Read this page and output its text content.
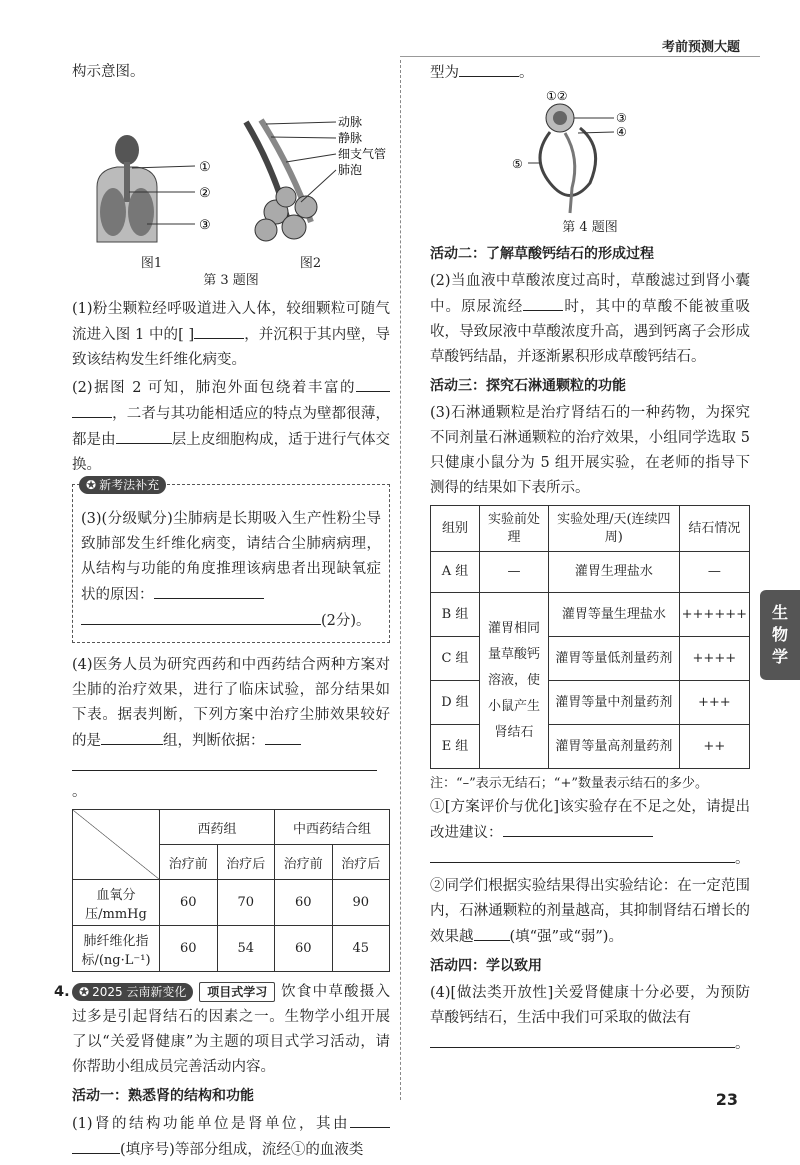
考前预测大题
构示意图。
①
②
③
图1
动脉
静脉
细支气管
肺泡
图2
第 3 题图
(1)粉尘颗粒经呼吸道进入人体，较细颗粒可随气流进入图 1 中的[ ]	，并沉积于其内壁，导致该结构发生纤维化病变。
(2)据图 2 可知，肺泡外面包绕着丰富的，二者与其功能相适应的特点为壁都很薄，都是由	层上皮细胞构成，适于进行气体交换。
✪ 新考法补充
(3)(分级赋分)尘肺病是长期吸入生产性粉尘导致肺部发生纤维化病变，请结合尘肺病病理，从结构与功能的角度推理该病患者出现缺氧症状的原因：
(2分)。
(4)医务人员为研究西药和中西药结合两种方案对尘肺的治疗效果，进行了临床试验，部分结果如下表。据表判断，下列方案中治疗尘肺效果较好的是	组，判断依据：
。
	西药组		中西药结合组	
	治疗前	治疗后	治疗前	治疗后
血氧分压/mmHg	60	70	60	90
肺纤维化指标/(ng·L⁻¹)	60	54	60	45
4. ✪ 2025 云南新变化 项目式学习 饮食中草酸摄入过多是引起肾结石的因素之一。生物学小组开展了以“关爱肾健康”为主题的项目式学习活动，请你帮助小组成员完善活动内容。
活动一：熟悉肾的结构和功能
(1)肾的结构功能单位是肾单位，其由 (填序号)等部分组成，流经①的血液类
型为	。
①②
③
④
⑤
第 4 题图
活动二：了解草酸钙结石的形成过程
(2)当血液中草酸浓度过高时，草酸滤过到肾小囊中。原尿流经	时，其中的草酸不能被重吸收，导致尿液中草酸浓度升高，遇到钙离子会形成草酸钙结晶，并逐渐累积形成草酸钙结石。
活动三：探究石淋通颗粒的功能
(3)石淋通颗粒是治疗肾结石的一种药物，为探究不同剂量石淋通颗粒的治疗效果，小组同学选取 5 只健康小鼠分为 5 组开展实验，在老师的指导下测得的结果如下表所示。
组别	实验前处理	实验处理/天(连续四周)	结石情况
A 组	—	灌胃生理盐水	—
B 组	灌胃相同量草酸钙溶液，使小鼠产生肾结石	灌胃等量生理盐水	++++++
C 组		灌胃等量低剂量药剂	++++
D 组		灌胃等量中剂量药剂	+++
E 组		灌胃等量高剂量药剂	++
注：“–”表示无结石；“+”数量表示结石的多少。
①[方案评价与优化]该实验存在不足之处，请提出改进建议：
。
②同学们根据实验结果得出实验结论：在一定范围内，石淋通颗粒的剂量越高，其抑制肾结石增长的效果越 (填“强”或“弱”)。
活动四：学以致用
(4)[做法类开放性]关爱肾健康十分必要，为预防草酸钙结石，生活中我们可采取的做法有
。
生
物
学
23
